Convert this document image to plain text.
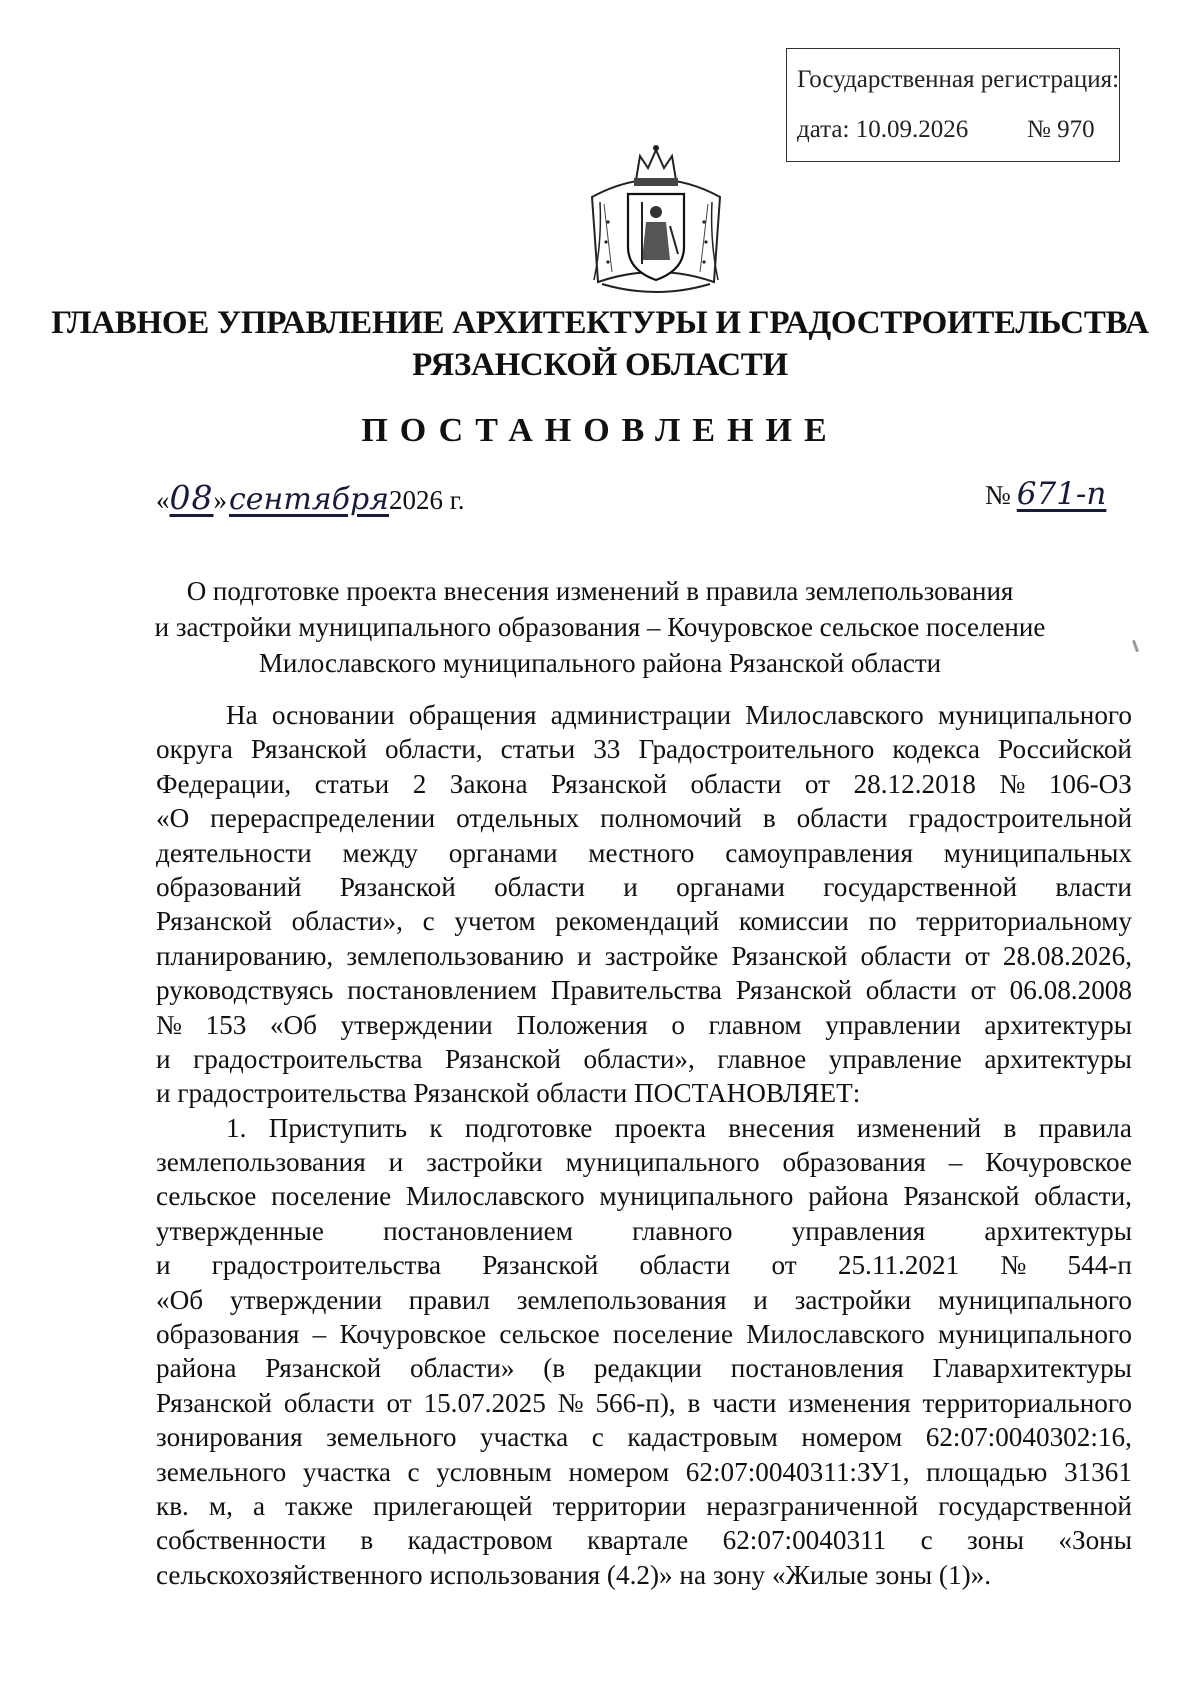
Государственная регистрация:
дата: 10.09.2026 № 970
ГЛАВНОЕ УПРАВЛЕНИЕ АРХИТЕКТУРЫ И ГРАДОСТРОИТЕЛЬСТВА
РЯЗАНСКОЙ ОБЛАСТИ
ПОСТАНОВЛЕНИЕ
«08»сентября2026 г.	№ 671-п
О подготовке проекта внесения изменений в правила землепользования
и застройки муниципального образования – Кочуровское сельское поселение
Милославского муниципального района Рязанской области
На основании обращения администрации Милославского муниципального
округа Рязанской области, статьи 33 Градостроительного кодекса Российской
Федерации, статьи 2 Закона Рязанской области от 28.12.2018 № 106-ОЗ
«О перераспределении отдельных полномочий в области градостроительной
деятельности между органами местного самоуправления муниципальных
образований Рязанской области и органами государственной власти
Рязанской области», с учетом рекомендаций комиссии по территориальному
планированию, землепользованию и застройке Рязанской области от 28.08.2026,
руководствуясь постановлением Правительства Рязанской области от 06.08.2008
№ 153 «Об утверждении Положения о главном управлении архитектуры
и градостроительства Рязанской области», главное управление архитектуры
и градостроительства Рязанской области ПОСТАНОВЛЯЕТ:
1. Приступить к подготовке проекта внесения изменений в правила
землепользования и застройки муниципального образования – Кочуровское
сельское поселение Милославского муниципального района Рязанской области,
утвержденные постановлением главного управления архитектуры
и градостроительства Рязанской области от 25.11.2021 № 544-п
«Об утверждении правил землепользования и застройки муниципального
образования – Кочуровское сельское поселение Милославского муниципального
района Рязанской области» (в редакции постановления Главархитектуры
Рязанской области от 15.07.2025 № 566-п), в части изменения территориального
зонирования земельного участка с кадастровым номером 62:07:0040302:16,
земельного участка с условным номером 62:07:0040311:ЗУ1, площадью 31361
кв. м, а также прилегающей территории неразграниченной государственной
собственности в кадастровом квартале 62:07:0040311 с зоны «Зоны
сельскохозяйственного использования (4.2)» на зону «Жилые зоны (1)».
